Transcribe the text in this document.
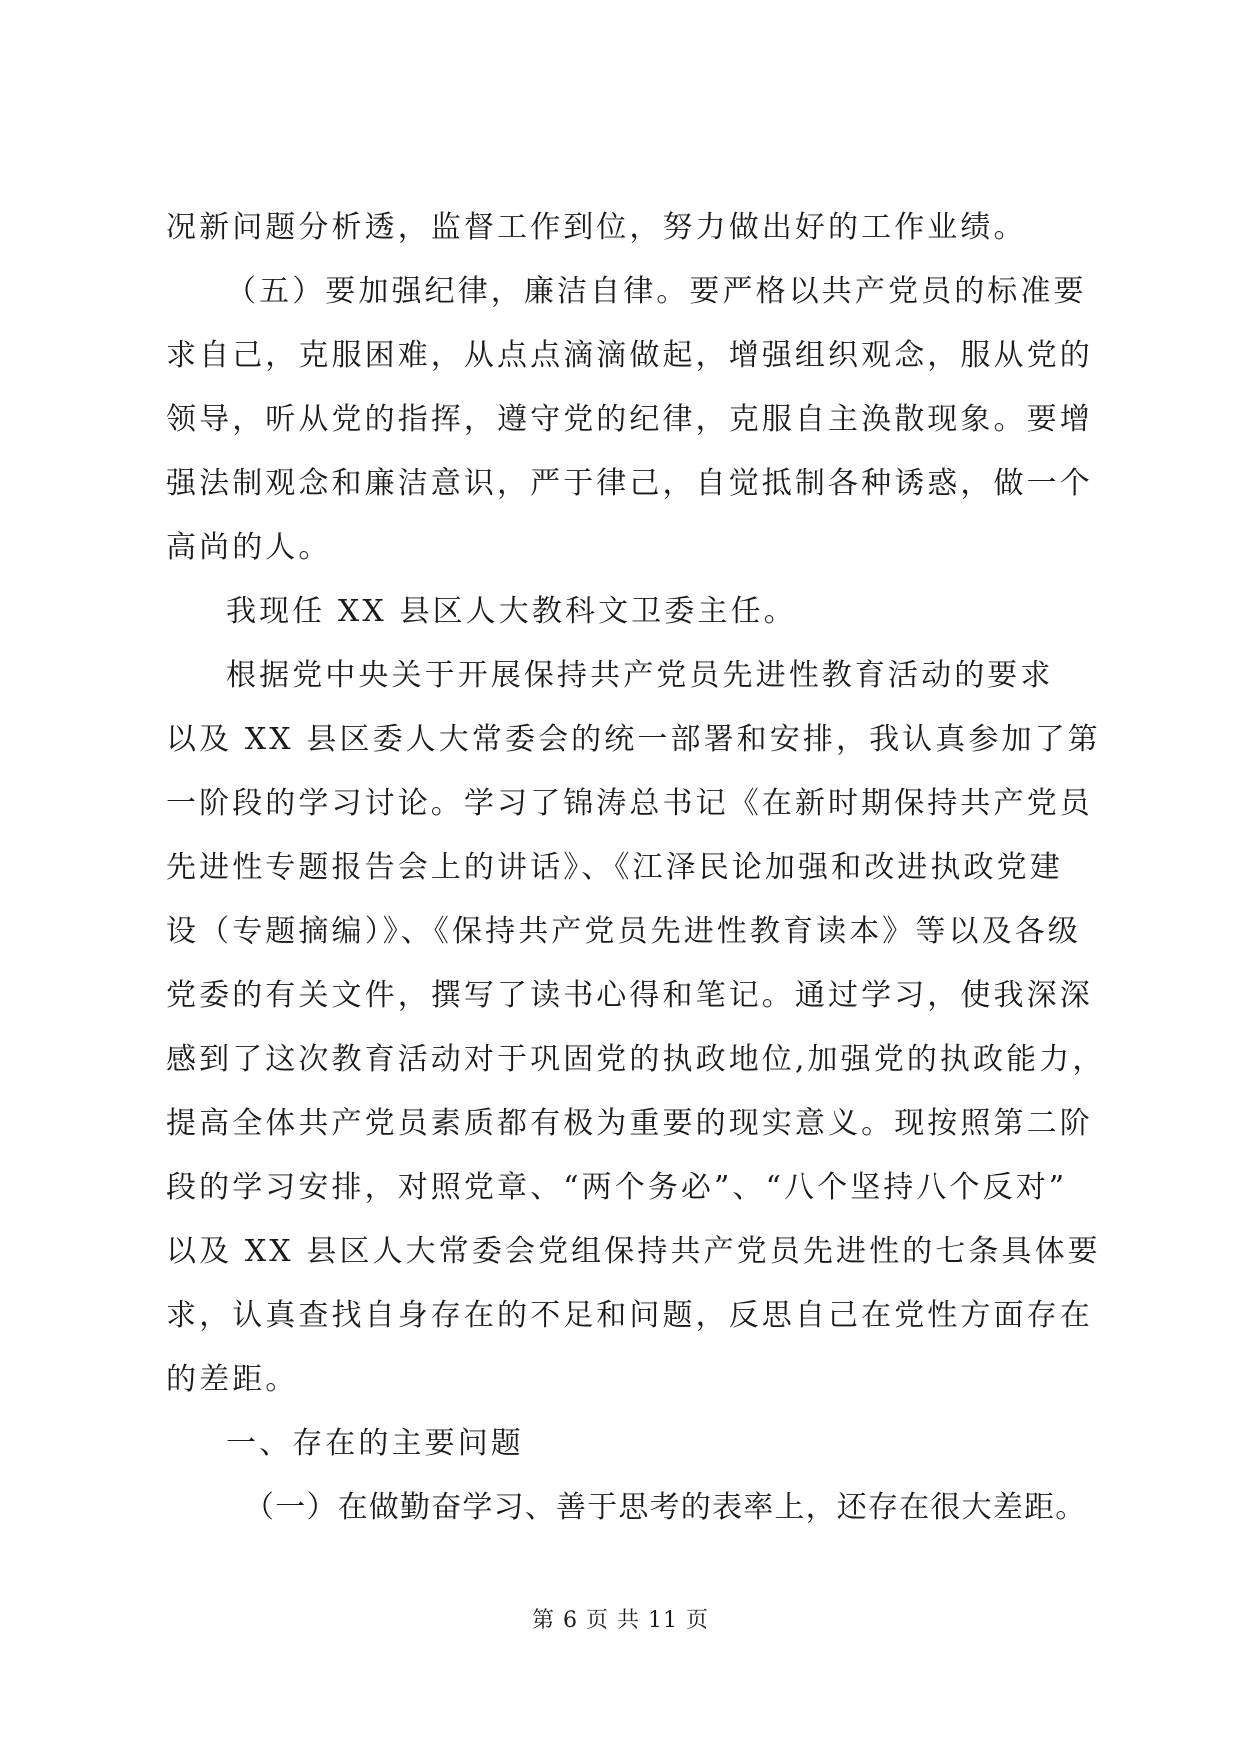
况新问题分析透，监督工作到位，努力做出好的工作业绩。
（五）要加强纪律，廉洁自律。要严格以共产党员的标准要
求自己，克服困难，从点点滴滴做起，增强组织观念，服从党的
领导，听从党的指挥，遵守党的纪律，克服自主涣散现象。要增
强法制观念和廉洁意识，严于律己，自觉抵制各种诱惑，做一个
高尚的人。
我现任 XX 县区人大教科文卫委主任。
根据党中央关于开展保持共产党员先进性教育活动的要求
以及 XX 县区委人大常委会的统一部署和安排，我认真参加了第
一阶段的学习讨论。学习了锦涛总书记《在新时期保持共产党员
先进性专题报告会上的讲话》、《江泽民论加强和改进执政党建
设（专题摘编）》、《保持共产党员先进性教育读本》等以及各级
党委的有关文件，撰写了读书心得和笔记。通过学习，使我深深
感到了这次教育活动对于巩固党的执政地位,加强党的执政能力，
提高全体共产党员素质都有极为重要的现实意义。现按照第二阶
段的学习安排，对照党章、“两个务必”、“八个坚持八个反对”
以及 XX 县区人大常委会党组保持共产党员先进性的七条具体要
求，认真查找自身存在的不足和问题，反思自己在党性方面存在
的差距。
一、存在的主要问题
（一）在做勤奋学习、善于思考的表率上，还存在很大差距。
第 6 页 共 11 页
